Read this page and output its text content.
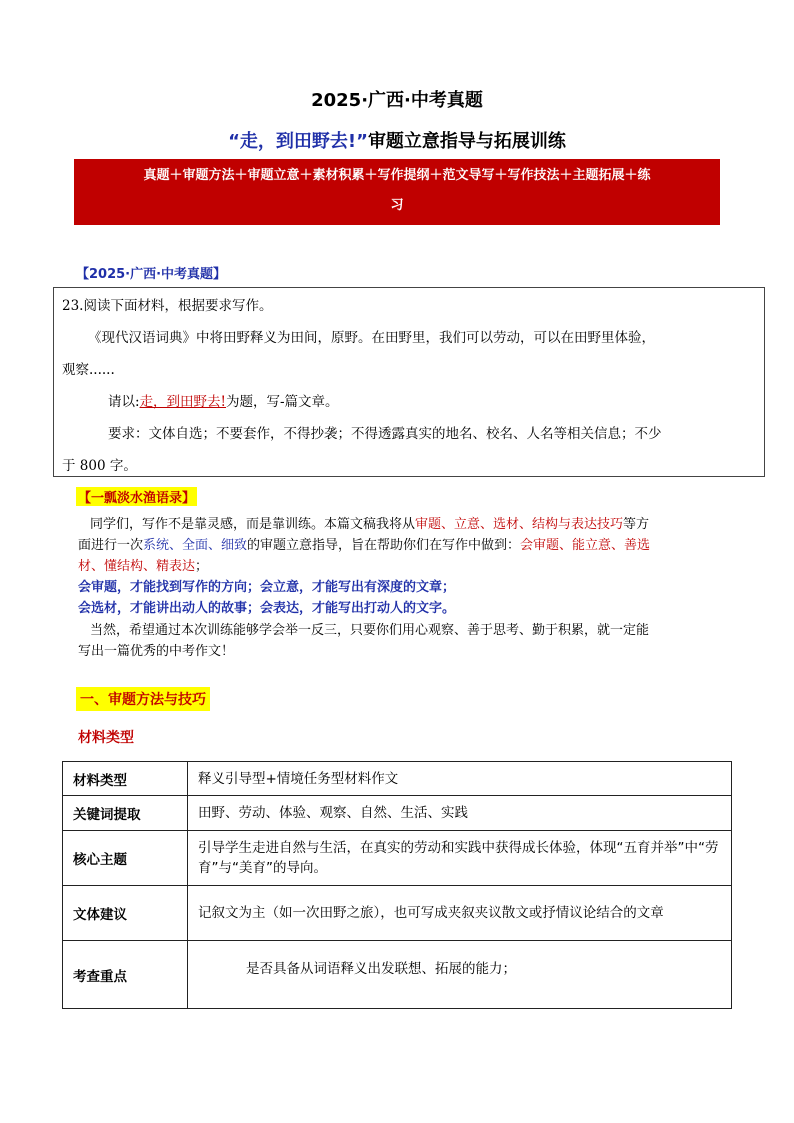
2025·广西·中考真题
“走，到田野去!”审题立意指导与拓展训练
真题＋审题方法＋审题立意＋素材积累＋写作提纲＋范文导写＋写作技法＋主题拓展＋练
习
【2025·广西·中考真题】
23.阅读下面材料，根据要求写作。
《现代汉语词典》中将田野释义为田间，原野。在田野里，我们可以劳动，可以在田野里体验，
观察......
请以:走，到田野去!为题，写-篇文章。
要求：文体自选；不要套作，不得抄袭；不得透露真实的地名、校名、人名等相关信息；不少
于 800 字。
【一瓢淡水渔语录】
同学们，写作不是靠灵感，而是靠训练。本篇文稿我将从审题、立意、选材、结构与表达技巧等方
面进行一次系统、全面、细致的审题立意指导，旨在帮助你们在写作中做到：会审题、能立意、善选
材、懂结构、精表达；
会审题，才能找到写作的方向；会立意，才能写出有深度的文章；
会选材，才能讲出动人的故事；会表达，才能写出打动人的文字。
当然，希望通过本次训练能够学会举一反三，只要你们用心观察、善于思考、勤于积累，就一定能
写出一篇优秀的中考作文！
一、审题方法与技巧
材料类型
材料类型	释义引导型+情境任务型材料作文
关键词提取	田野、劳动、体验、观察、自然、生活、实践
核心主题	引导学生走进自然与生活，在真实的劳动和实践中获得成长体验，体现“五育并举”中“劳育”与“美育”的导向。
文体建议	记叙文为主（如一次田野之旅），也可写成夹叙夹议散文或抒情议论结合的文章
考查重点	是否具备从词语释义出发联想、拓展的能力；
